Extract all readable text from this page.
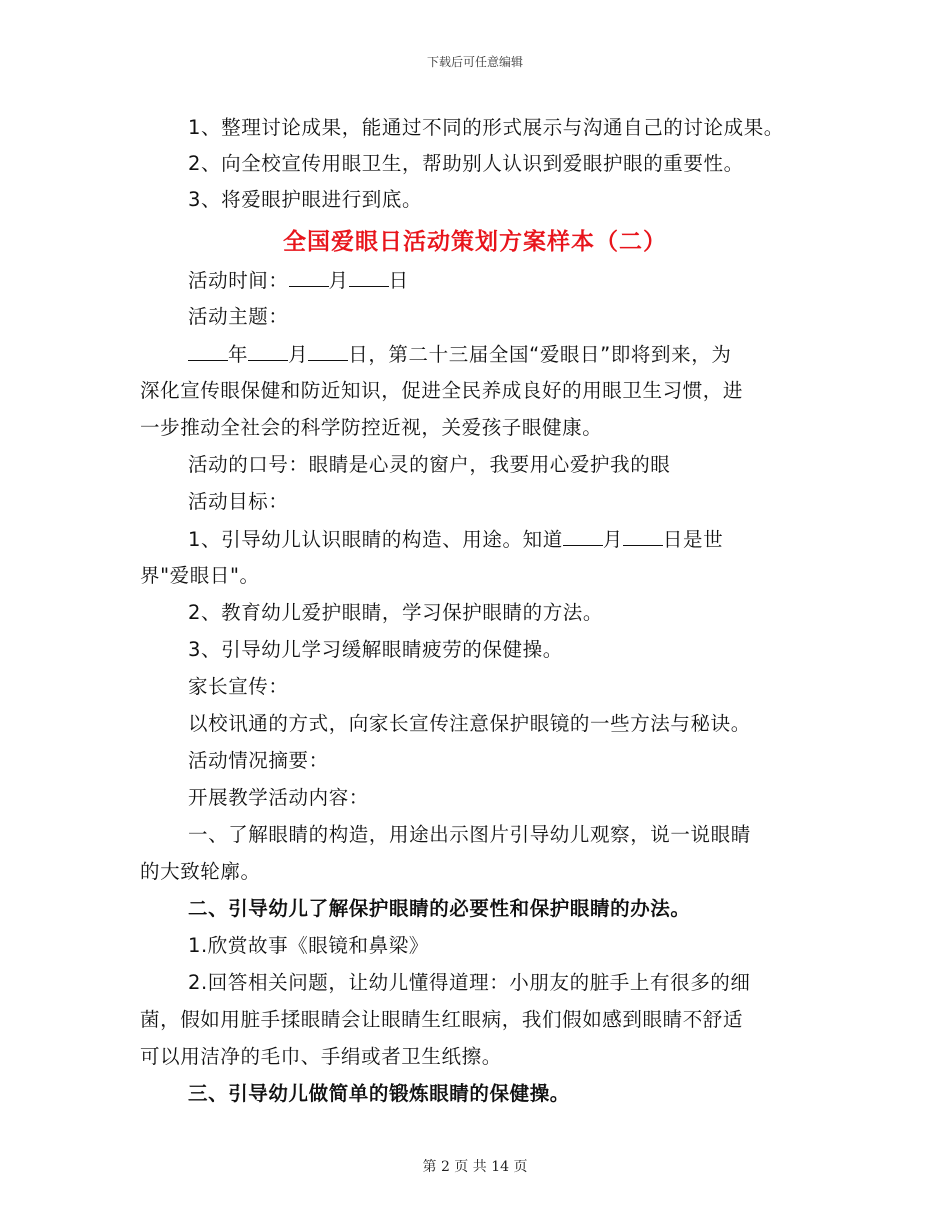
下载后可任意编辑
1、整理讨论成果，能通过不同的形式展示与沟通自己的讨论成果。
2、向全校宣传用眼卫生，帮助别人认识到爱眼护眼的重要性。
3、将爱眼护眼进行到底。
全国爱眼日活动策划方案样本（二）
活动时间： 月 日
活动主题：
年 月 日，第二十三届全国“爱眼日”即将到来，为
深化宣传眼保健和防近知识，促进全民养成良好的用眼卫生习惯，进
一步推动全社会的科学防控近视，关爱孩子眼健康。
活动的口号：眼睛是心灵的窗户，我要用心爱护我的眼
活动目标：
1、引导幼儿认识眼睛的构造、用途。知道 月 日是世
界"爱眼日"。
2、教育幼儿爱护眼睛，学习保护眼睛的方法。
3、引导幼儿学习缓解眼睛疲劳的保健操。
家长宣传：
以校讯通的方式，向家长宣传注意保护眼镜的一些方法与秘诀。
活动情况摘要：
开展教学活动内容：
一、了解眼睛的构造，用途出示图片引导幼儿观察，说一说眼睛
的大致轮廓。
二、引导幼儿了解保护眼睛的必要性和保护眼睛的办法。
1.欣赏故事《眼镜和鼻梁》
2.回答相关问题，让幼儿懂得道理：小朋友的脏手上有很多的细
菌，假如用脏手揉眼睛会让眼睛生红眼病，我们假如感到眼睛不舒适
可以用洁净的毛巾、手绢或者卫生纸擦。
三、引导幼儿做简单的锻炼眼睛的保健操。
第 2 页 共 14 页
